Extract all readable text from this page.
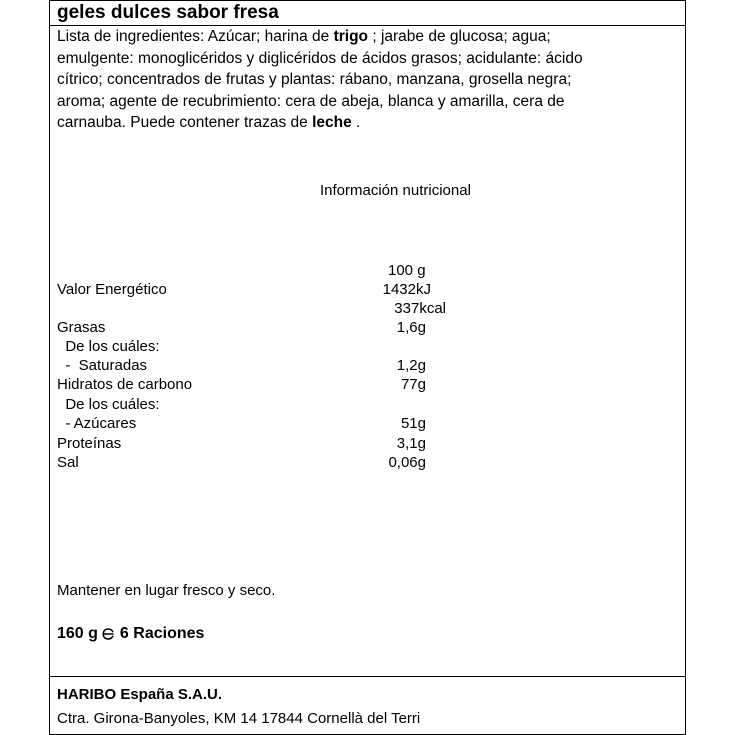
geles dulces sabor fresa
Lista de ingredientes: Azúcar; harina de trigo ; jarabe de glucosa; agua;
emulgente: monoglicéridos y diglicéridos de ácidos grasos; acidulante: ácido
cítrico; concentrados de frutas y plantas: rábano, manzana, grosella negra;
aroma; agente de recubrimiento: cera de abeja, blanca y amarilla, cera de
carnauba. Puede contener trazas de leche .
Información nutricional
100 g
Valor Energético	1432kJ
337kcal
Grasas	1,6g
De los cuáles:
-  Saturadas	1,2g
Hidratos de carbono	77g
De los cuáles:
- Azúcares	51g
Proteínas	3,1g
Sal	0,06g
Mantener en lugar fresco y seco.
160 g 6 Raciones
HARIBO España S.A.U.
Ctra. Girona-Banyoles, KM 14 17844 Cornellà del Terri
